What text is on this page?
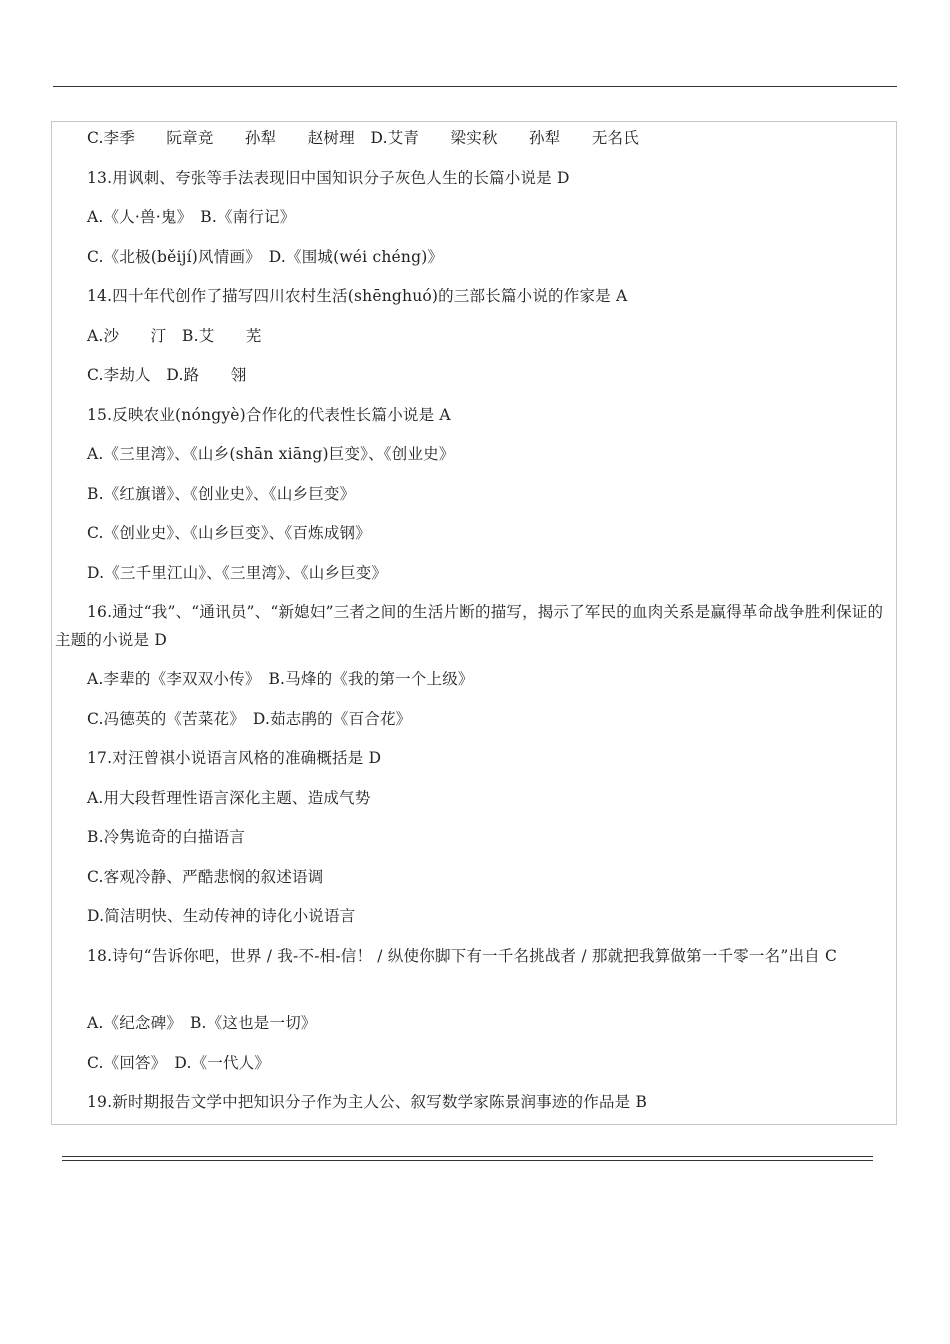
C.李季　　阮章竞　　孙犁　　赵树理　D.艾青　　梁实秋　　孙犁　　无名氏
13.用讽刺、夸张等手法表现旧中国知识分子灰色人生的长篇小说是 D
A.《人·兽·鬼》　B.《南行记》
C.《北极(běijí)风情画》　D.《围城(wéi chéng)》
14.四十年代创作了描写四川农村生活(shēnghuó)的三部长篇小说的作家是 A
A.沙　　汀　B.艾　　芜
C.李劫人　D.路　　翎
15.反映农业(nóngyè)合作化的代表性长篇小说是 A
A.《三里湾》、《山乡(shān xiāng)巨变》、《创业史》
B.《红旗谱》、《创业史》、《山乡巨变》
C.《创业史》、《山乡巨变》、《百炼成钢》
D.《三千里江山》、《三里湾》、《山乡巨变》
16.通过“我”、“通讯员”、“新媳妇”三者之间的生活片断的描写，揭示了军民的血肉关系是赢得革命战争胜利保证的主题的小说是 D
A.李辈的《李双双小传》　B.马烽的《我的第一个上级》
C.冯德英的《苦菜花》　D.茹志鹃的《百合花》
17.对汪曾祺小说语言风格的准确概括是 D
A.用大段哲理性语言深化主题、造成气势
B.冷隽诡奇的白描语言
C.客观冷静、严酷悲悯的叙述语调
D.简洁明快、生动传神的诗化小说语言
18.诗句“告诉你吧，世界 / 我-不-相-信！ / 纵使你脚下有一千名挑战者 / 那就把我算做第一千零一名”出自 C
A.《纪念碑》　B.《这也是一切》
C.《回答》　D.《一代人》
19.新时期报告文学中把知识分子作为主人公、叙写数学家陈景润事迹的作品是 B
